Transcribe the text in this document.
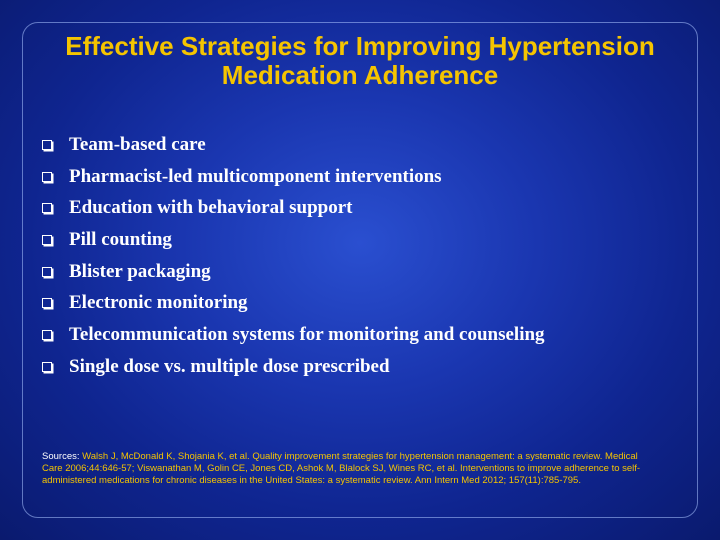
Effective Strategies for Improving Hypertension
Medication Adherence
Team-based care
Pharmacist-led multicomponent interventions
Education with behavioral support
Pill counting
Blister packaging
Electronic monitoring
Telecommunication systems for monitoring and counseling
Single dose vs. multiple dose prescribed

Sources: Walsh J, McDonald K, Shojania K, et al. Quality improvement strategies for hypertension management: a systematic review. Medical Care 2006;44:646-57; Viswanathan M, Golin CE, Jones CD, Ashok M, Blalock SJ, Wines RC, et al. Interventions to improve adherence to self-administered medications for chronic diseases in the United States: a systematic review. Ann Intern Med 2012; 157(11):785-795.
